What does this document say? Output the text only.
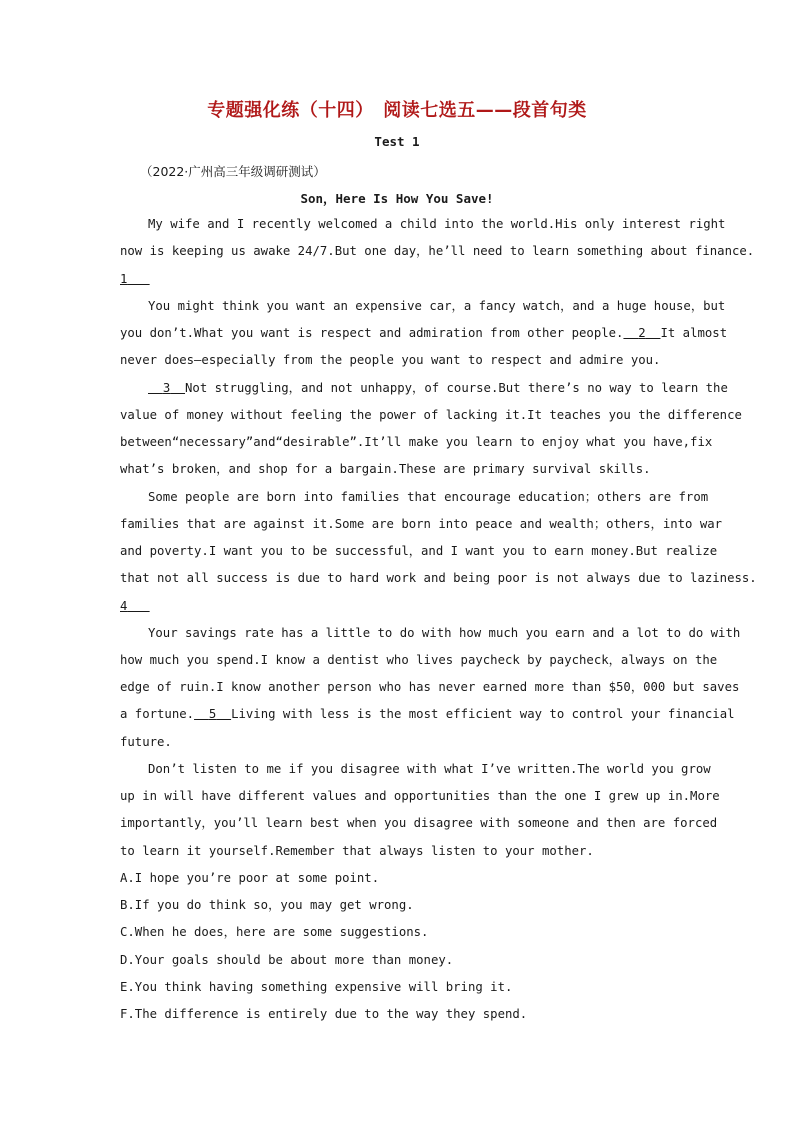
专题强化练（十四）　阅读七选五——段首句类
Test 1
（2022·广州高三年级调研测试）
Son，Here Is How You Save!
My wife and I recently welcomed a child into the world.His only interest right
now is keeping us awake 24/7.But one day，he’ll need to learn something about finance.
1
You might think you want an expensive car，a fancy watch，and a huge house，but
you don’t.What you want is respect and admiration from other people. 2 It almost
never does—especially from the people you want to respect and admire you.
3 Not struggling，and not unhappy，of course.But there’s no way to learn the
value of money without feeling the power of lacking it.It teaches you the difference
between“necessary”and“desirable”.It’ll make you learn to enjoy what you have,fix
what’s broken，and shop for a bargain.These are primary survival skills.
Some people are born into families that encourage education；others are from
families that are against it.Some are born into peace and wealth；others，into war
and poverty.I want you to be successful，and I want you to earn money.But realize
that not all success is due to hard work and being poor is not always due to laziness.
4
Your savings rate has a little to do with how much you earn and a lot to do with
how much you spend.I know a dentist who lives paycheck by paycheck，always on the
edge of ruin.I know another person who has never earned more than $50，000 but saves
a fortune. 5 Living with less is the most efficient way to control your financial
future.
Don’t listen to me if you disagree with what I’ve written.The world you grow
up in will have different values and opportunities than the one I grew up in.More
importantly，you’ll learn best when you disagree with someone and then are forced
to learn it yourself.Remember that always listen to your mother.
A.I hope you’re poor at some point.
B.If you do think so，you may get wrong.
C.When he does，here are some suggestions.
D.Your goals should be about more than money.
E.You think having something expensive will bring it.
F.The difference is entirely due to the way they spend.
